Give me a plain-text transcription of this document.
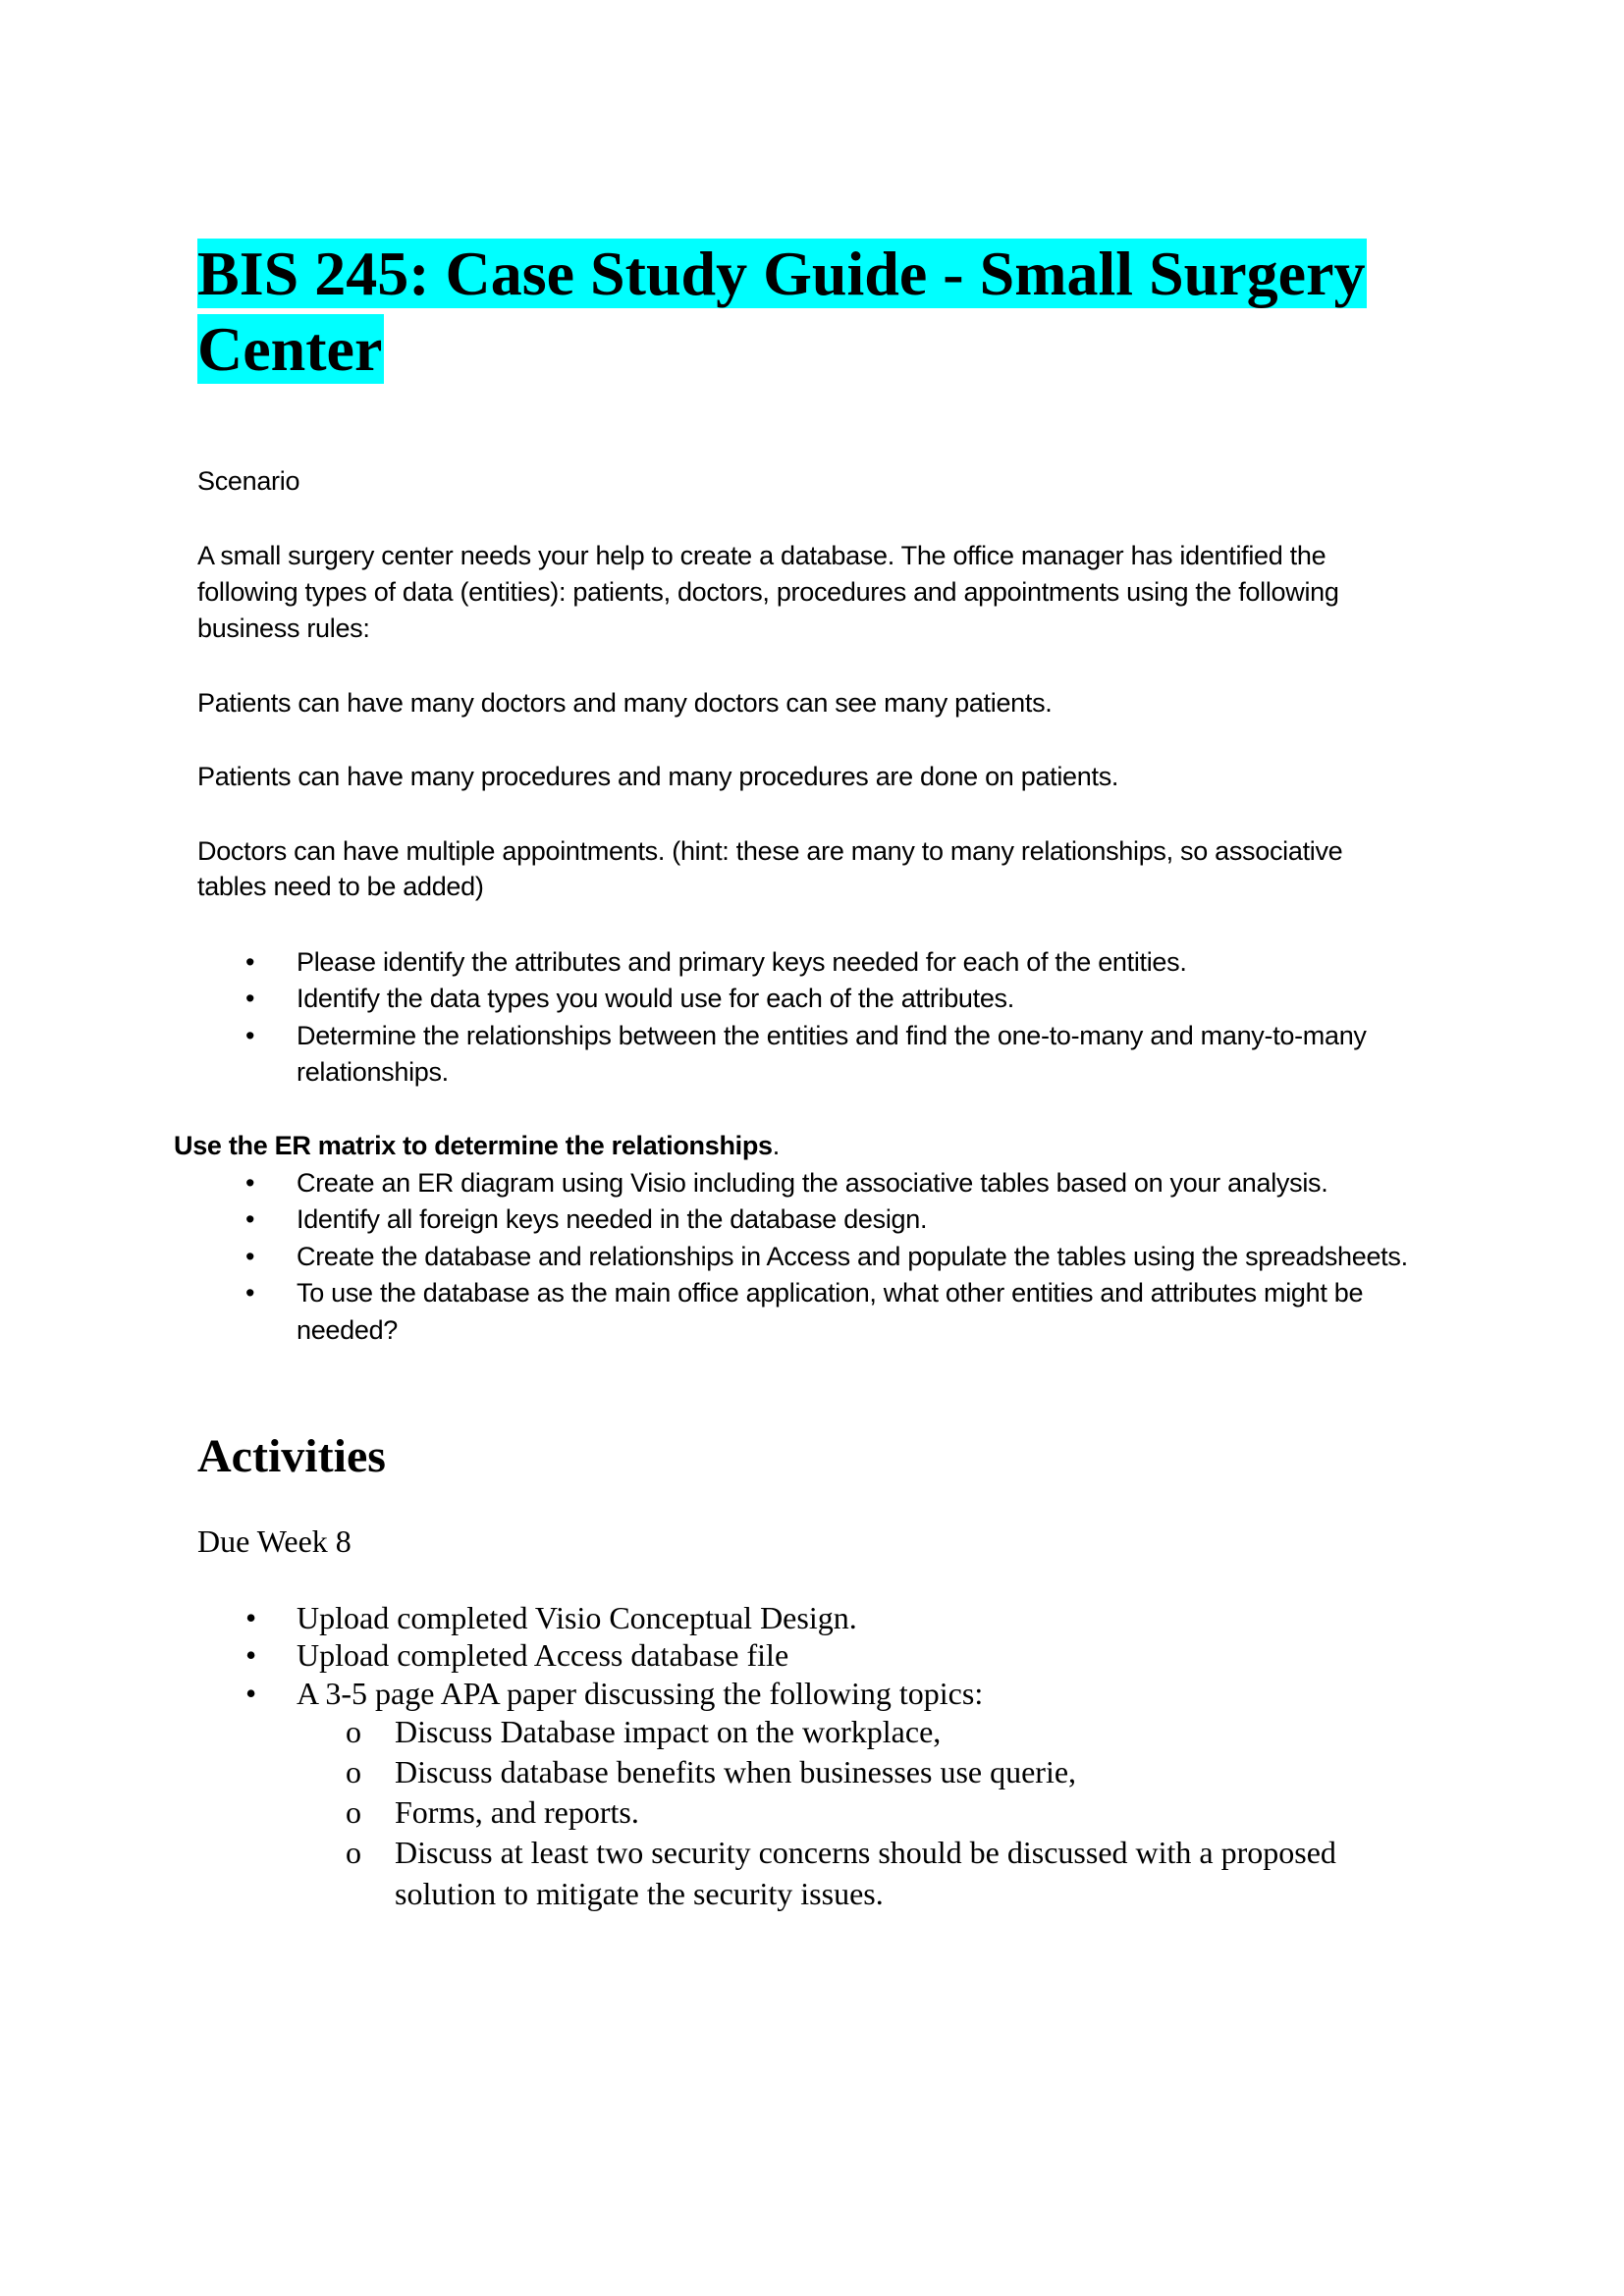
BIS 245: Case Study Guide - Small Surgery
Center
Scenario
A small surgery center needs your help to create a database. The office manager has identified the
following types of data (entities): patients, doctors, procedures and appointments using the following
business rules:
Patients can have many doctors and many doctors can see many patients.
Patients can have many procedures and many procedures are done on patients.
Doctors can have multiple appointments. (hint: these are many to many relationships, so associative
tables need to be added)
• Please identify the attributes and primary keys needed for each of the entities.
• Identify the data types you would use for each of the attributes.
• Determine the relationships between the entities and find the one-to-many and many-to-many
relationships.
Use the ER matrix to determine the relationships.
• Create an ER diagram using Visio including the associative tables based on your analysis.
• Identify all foreign keys needed in the database design.
• Create the database and relationships in Access and populate the tables using the spreadsheets.
• To use the database as the main office application, what other entities and attributes might be
needed?
Activities
Due Week 8
• Upload completed Visio Conceptual Design.
• Upload completed Access database file
• A 3-5 page APA paper discussing the following topics:
o Discuss Database impact on the workplace,
o Discuss database benefits when businesses use querie,
o Forms, and reports.
o Discuss at least two security concerns should be discussed with a proposed
solution to mitigate the security issues.
